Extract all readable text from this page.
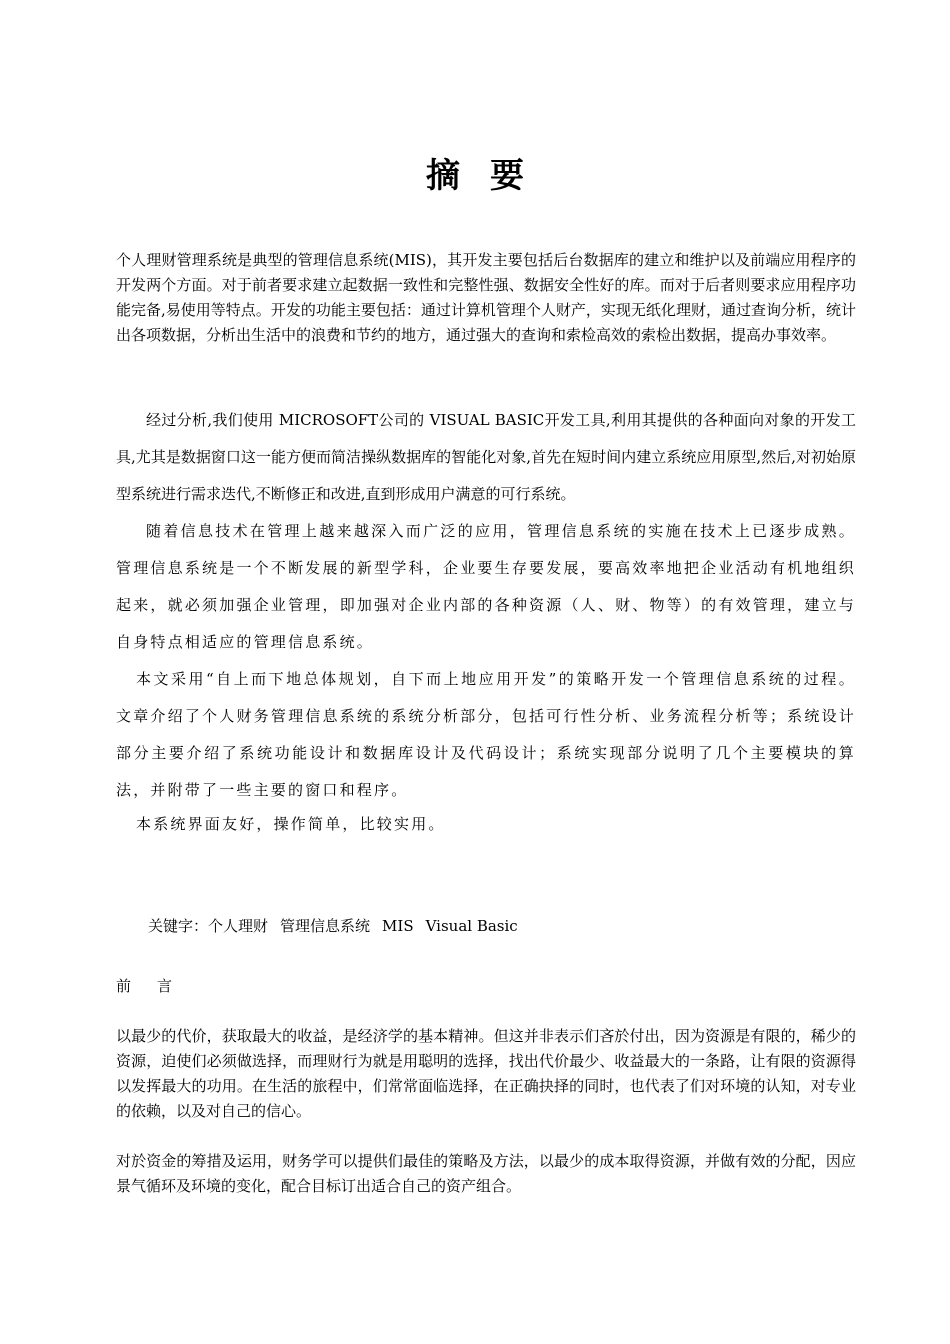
摘要

个人理财管理系统是典型的管理信息系统(MIS)，其开发主要包括后台数据库的建立和维护以及前端应用程序的开发两个方面。对于前者要求建立起数据一致性和完整性强、数据安全性好的库。而对于后者则要求应用程序功能完备,易使用等特点。开发的功能主要包括：通过计算机管理个人财产，实现无纸化理财，通过查询分析，统计出各项数据，分析出生活中的浪费和节约的地方，通过强大的查询和索检高效的索检出数据，提高办事效率。

经过分析,我们使用 MICROSOFT公司的 VISUAL BASIC开发工具,利用其提供的各种面向对象的开发工具,尤其是数据窗口这一能方便而简洁操纵数据库的智能化对象,首先在短时间内建立系统应用原型,然后,对初始原型系统进行需求迭代,不断修正和改进,直到形成用户满意的可行系统。

随着信息技术在管理上越来越深入而广泛的应用，管理信息系统的实施在技术上已逐步成熟。管理信息系统是一个不断发展的新型学科，企业要生存要发展，要高效率地把企业活动有机地组织起来，就必须加强企业管理，即加强对企业内部的各种资源（人、财、物等）的有效管理，建立与自身特点相适应的管理信息系统。

本文采用“自上而下地总体规划，自下而上地应用开发”的策略开发一个管理信息系统的过程。文章介绍了个人财务管理信息系统的系统分析部分，包括可行性分析、业务流程分析等；系统设计部分主要介绍了系统功能设计和数据库设计及代码设计；系统实现部分说明了几个主要模块的算法，并附带了一些主要的窗口和程序。

本系统界面友好，操作简单，比较实用。

关键字：个人理财 管理信息系统 MIS Visual Basic

前言

以最少的代价，获取最大的收益，是经济学的基本精神。但这并非表示们吝於付出，因为资源是有限的，稀少的资源，迫使们必须做选择，而理财行为就是用聪明的选择，找出代价最少、收益最大的一条路，让有限的资源得以发挥最大的功用。在生活的旅程中，们常常面临选择，在正确抉择的同时，也代表了们对环境的认知，对专业的依赖，以及对自己的信心。

对於资金的筹措及运用，财务学可以提供们最佳的策略及方法，以最少的成本取得资源，并做有效的分配，因应景气循环及环境的变化，配合目标订出适合自己的资产组合。
